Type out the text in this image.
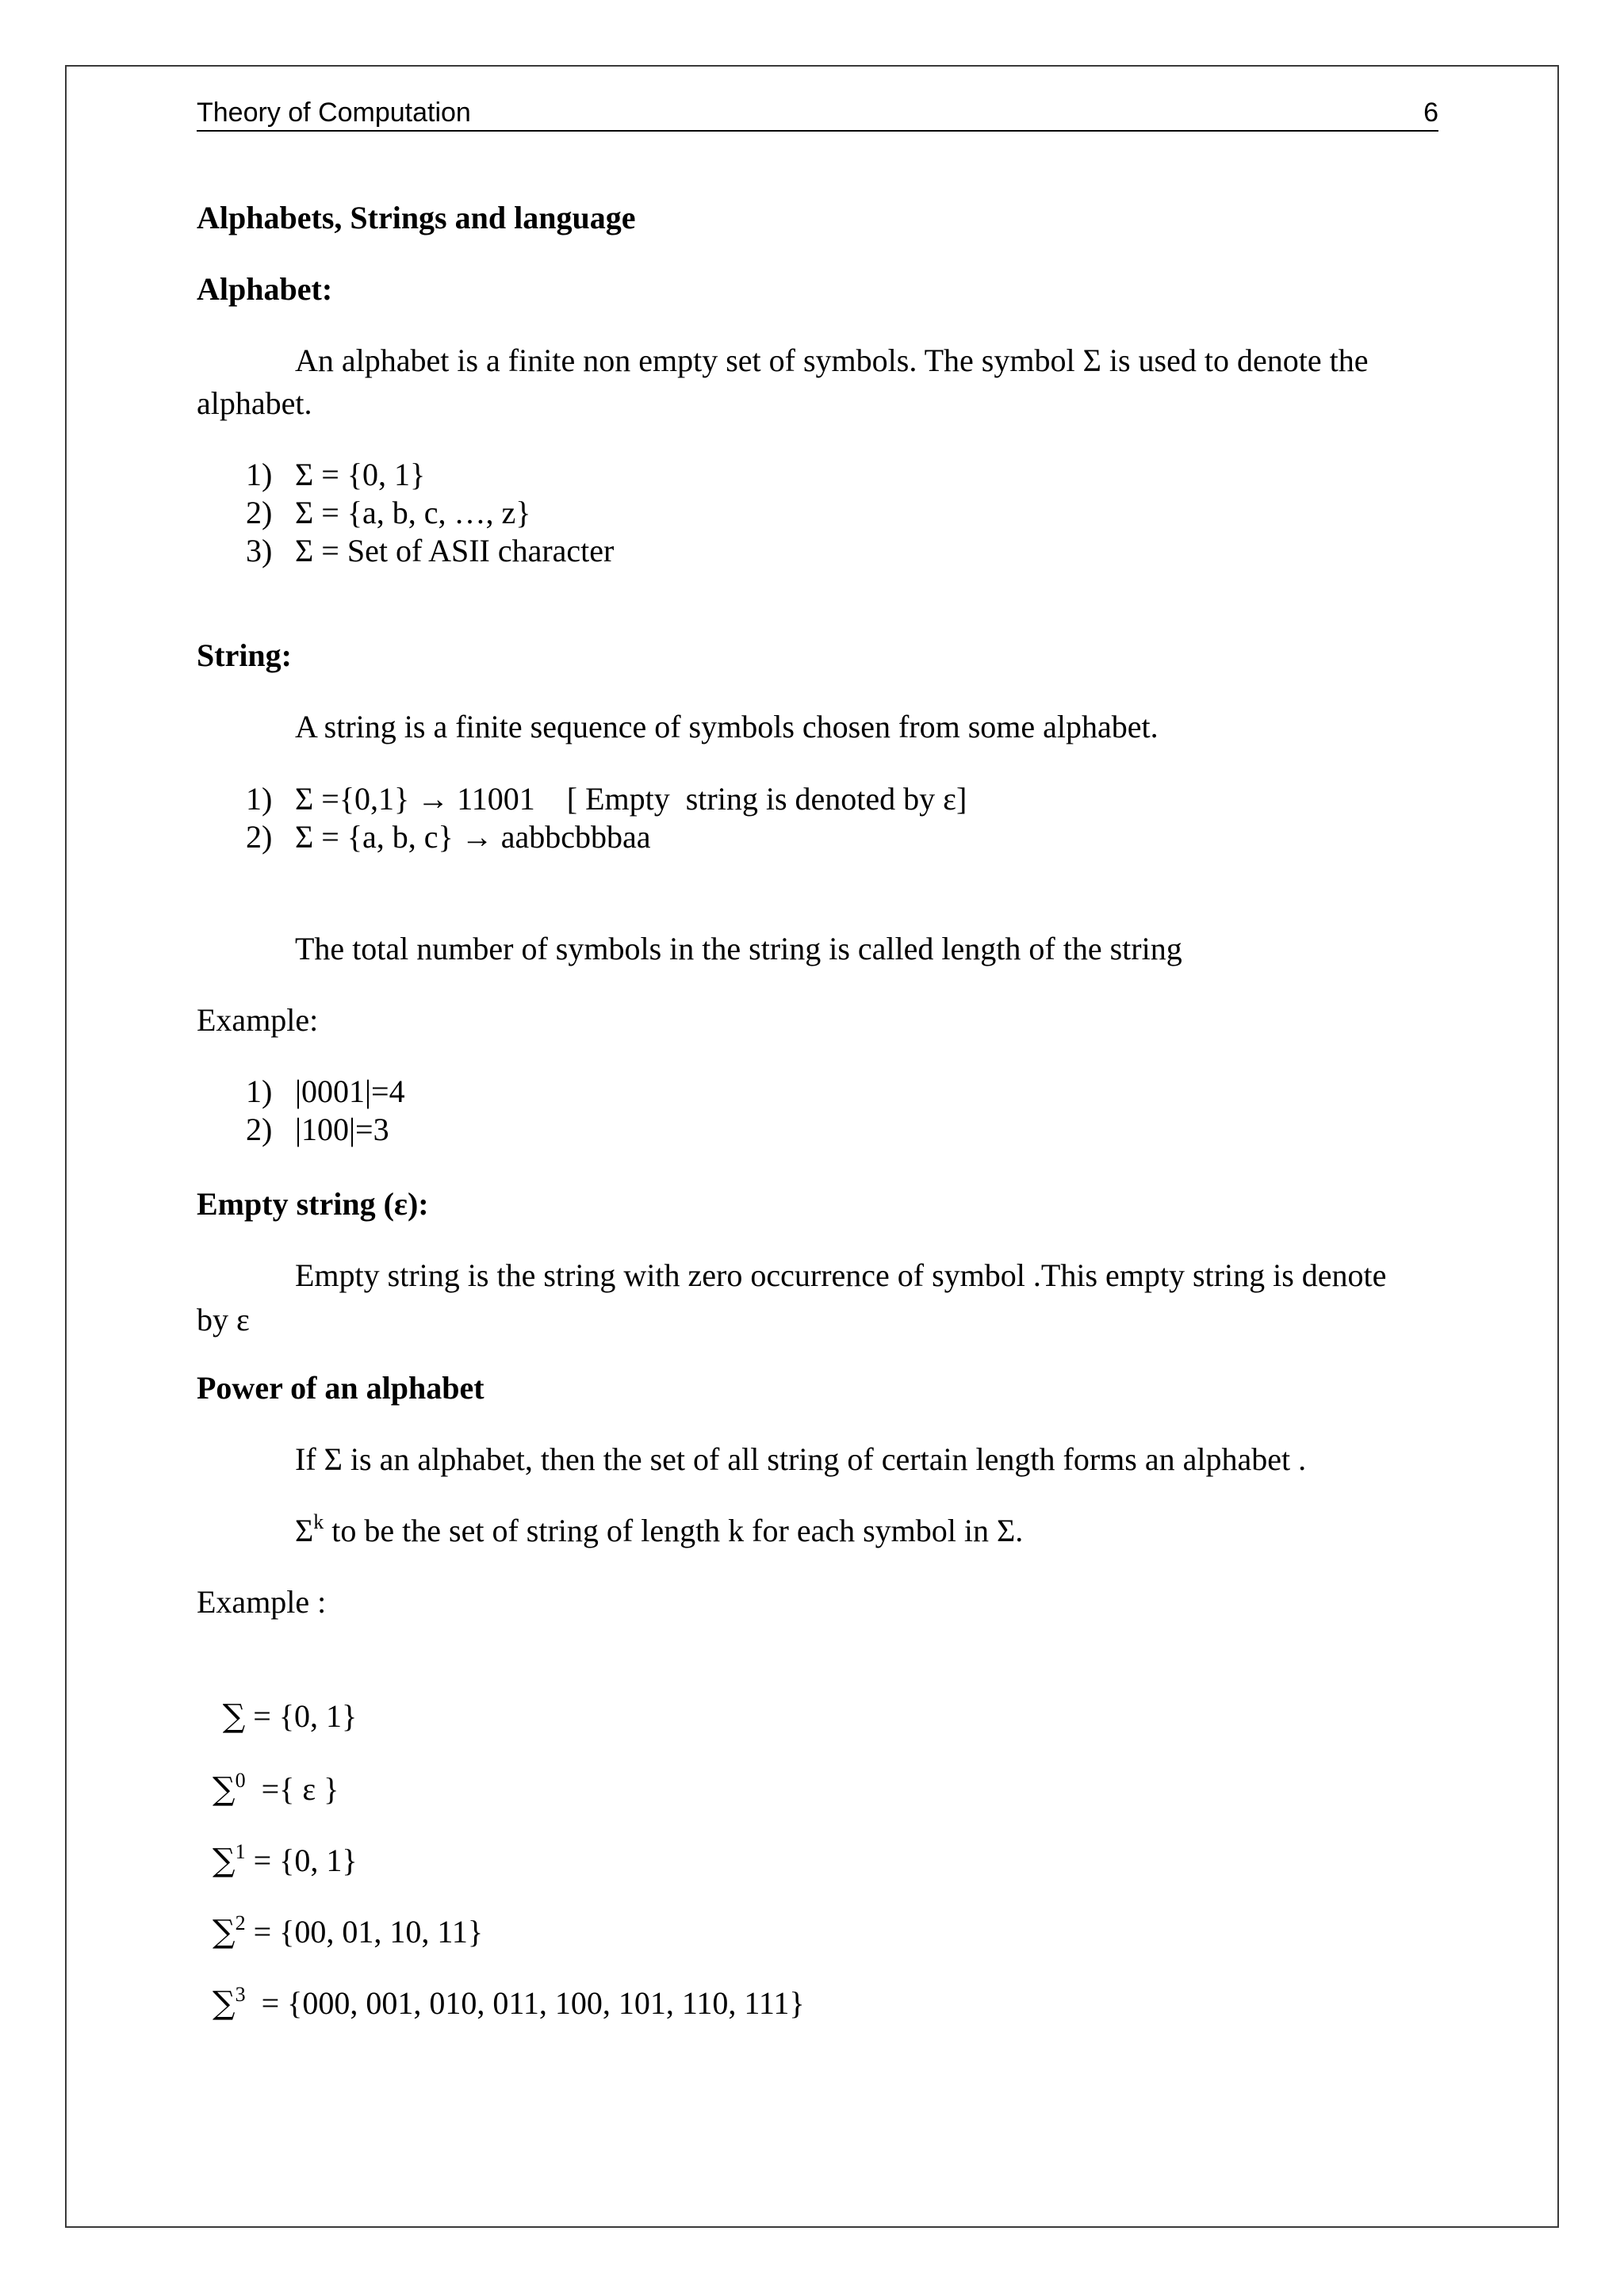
Theory of Computation	6
Alphabets, Strings and language
Alphabet:
An alphabet is a finite non empty set of symbols. The symbol Σ is used to denote the
alphabet.
1) Σ = {0, 1}
2) Σ = {a, b, c, …, z}
3) Σ = Set of ASII character
String:
A string is a finite sequence of symbols chosen from some alphabet.
1) Σ ={0,1} → 11001    [ Empty  string is denoted by ε]
2) Σ = {a, b, c} → aabbcbbbaa
The total number of symbols in the string is called length of the string
Example:
1) |0001|=4
2) |100|=3
Empty string (ε):
Empty string is the string with zero occurrence of symbol .This empty string is denote
by ε
Power of an alphabet
If Σ is an alphabet, then the set of all string of certain length forms an alphabet .
$\Sigma^k$ to be the set of string of length k for each symbol in Σ.
Example :

∑ = {0, 1}

∑$^0$  ={ ε }

∑$^1$ = {0, 1}

∑$^2$ = {00, 01, 10, 11}

∑$^3$  = {000, 001, 010, 011, 100, 101, 110, 111}
